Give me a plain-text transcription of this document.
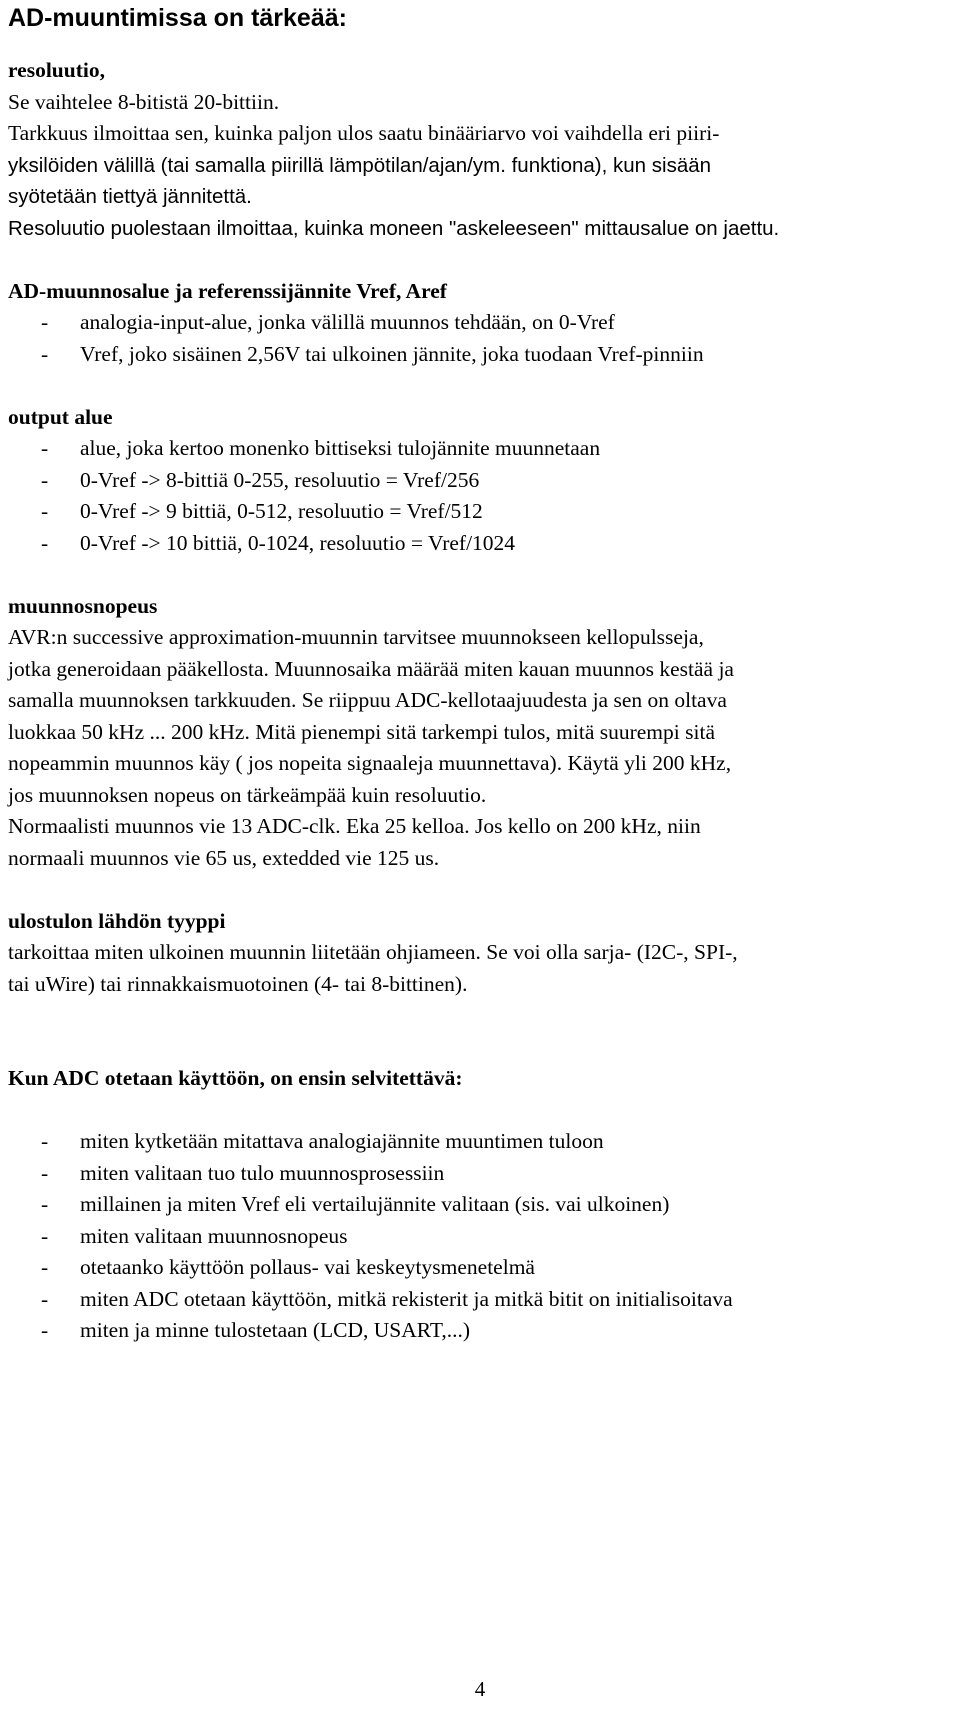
AD-muuntimissa on tärkeää:

resoluutio,

Se vaihtelee 8-bitistä 20-bittiin.

Tarkkuus ilmoittaa sen, kuinka paljon ulos saatu binääriarvo voi vaihdella eri piiri-

yksilöiden välillä (tai samalla piirillä lämpötilan/ajan/ym. funktiona), kun sisään

syötetään tiettyä jännitettä.

Resoluutio puolestaan ilmoittaa, kuinka moneen "askeleeseen" mittausalue on jaettu.

AD-muunnosalue ja referenssijännite Vref, Aref

- analogia-input-alue, jonka välillä muunnos tehdään, on 0-Vref
- Vref, joko sisäinen 2,56V tai ulkoinen jännite, joka tuodaan Vref-pinniin

output alue

- alue, joka kertoo monenko bittiseksi tulojännite muunnetaan
- 0-Vref -> 8-bittiä 0-255, resoluutio = Vref/256
- 0-Vref -> 9 bittiä, 0-512, resoluutio = Vref/512
- 0-Vref -> 10 bittiä, 0-1024, resoluutio = Vref/1024

muunnosnopeus

AVR:n successive approximation-muunnin tarvitsee muunnokseen kellopulsseja,

jotka generoidaan pääkellosta. Muunnosaika määrää miten kauan muunnos kestää ja

samalla muunnoksen tarkkuuden. Se riippuu ADC-kellotaajuudesta ja sen on oltava

luokkaa 50 kHz ... 200 kHz. Mitä pienempi sitä tarkempi tulos, mitä suurempi sitä

nopeammin muunnos käy ( jos nopeita signaaleja muunnettava). Käytä yli 200 kHz,

jos muunnoksen nopeus on tärkeämpää kuin resoluutio.

Normaalisti muunnos vie 13 ADC-clk. Eka 25 kelloa. Jos kello on 200 kHz, niin

normaali muunnos vie 65 us, extedded vie 125 us.

ulostulon lähdön tyyppi

tarkoittaa miten ulkoinen muunnin liitetään ohjiameen. Se voi olla sarja- (I2C-, SPI-,

tai uWire) tai rinnakkaismuotoinen (4- tai 8-bittinen).

Kun ADC otetaan käyttöön, on ensin selvitettävä:

- miten kytketään mitattava analogiajännite muuntimen tuloon
- miten valitaan tuo tulo muunnosprosessiin
- millainen ja miten Vref eli vertailujännite valitaan (sis. vai ulkoinen)
- miten valitaan muunnosnopeus
- otetaanko käyttöön pollaus- vai keskeytysmenetelmä
- miten ADC otetaan käyttöön, mitkä rekisterit ja mitkä bitit on initialisoitava
- miten ja minne tulostetaan (LCD, USART,...)
4
